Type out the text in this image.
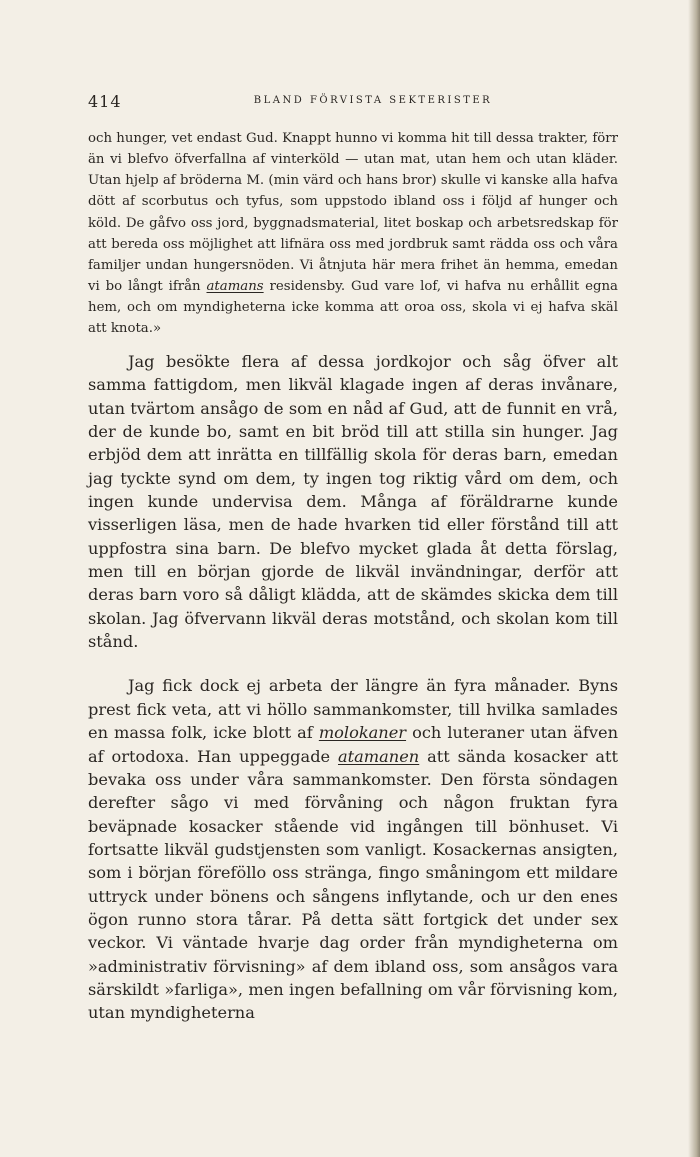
414	BLAND FÖRVISTA SEKTERISTER

och hunger, vet endast Gud. Knappt hunno vi komma hit till dessa trakter, förr än vi blefvo öfverfallna af vinterköld — utan mat, utan hem och utan kläder. Utan hjelp af bröderna M. (min värd och hans bror) skulle vi kanske alla hafva dött af scorbutus och tyfus, som uppstodo ibland oss i följd af hunger och köld. De gåfvo oss jord, byggnadsmaterial, litet boskap och arbetsredskap för att bereda oss möjlighet att lifnära oss med jordbruk samt rädda oss och våra familjer undan hungersnöden. Vi åtnjuta här mera frihet än hemma, emedan vi bo långt ifrån atamans residensby. Gud vare lof, vi hafva nu erhållit egna hem, och om myndigheterna icke komma att oroa oss, skola vi ej hafva skäl att knota.»

Jag besökte flera af dessa jordkojor och såg öfver alt samma fattigdom, men likväl klagade ingen af deras invånare, utan tvärtom ansågo de som en nåd af Gud, att de funnit en vrå, der de kunde bo, samt en bit bröd till att stilla sin hunger. Jag erbjöd dem att inrätta en tillfällig skola för deras barn, emedan jag tyckte synd om dem, ty ingen tog riktig vård om dem, och ingen kunde undervisa dem. Många af föräldrarne kunde visserligen läsa, men de hade hvarken tid eller förstånd till att uppfostra sina barn. De blefvo mycket glada åt detta förslag, men till en början gjorde de likväl invändningar, derför att deras barn voro så dåligt klädda, att de skämdes skicka dem till skolan. Jag öfvervann likväl deras motstånd, och skolan kom till stånd.

Jag fick dock ej arbeta der längre än fyra månader. Byns prest fick veta, att vi höllo sammankomster, till hvilka samlades en massa folk, icke blott af molokaner och luteraner utan äfven af ortodoxa. Han uppeggade atamanen att sända kosacker att bevaka oss under våra sammankomster. Den första söndagen derefter sågo vi med förvåning och någon fruktan fyra beväpnade kosacker stående vid ingången till bönhuset. Vi fortsatte likväl gudstjensten som vanligt. Kosackernas ansigten, som i början föreföllo oss stränga, fingo småningom ett mildare uttryck under bönens och sångens inflytande, och ur den enes ögon runno stora tårar. På detta sätt fortgick det under sex veckor. Vi väntade hvarje dag order från myndigheterna om »administrativ förvisning» af dem ibland oss, som ansågos vara särskildt »farliga», men ingen befallning om vår förvisning kom, utan myndigheterna
